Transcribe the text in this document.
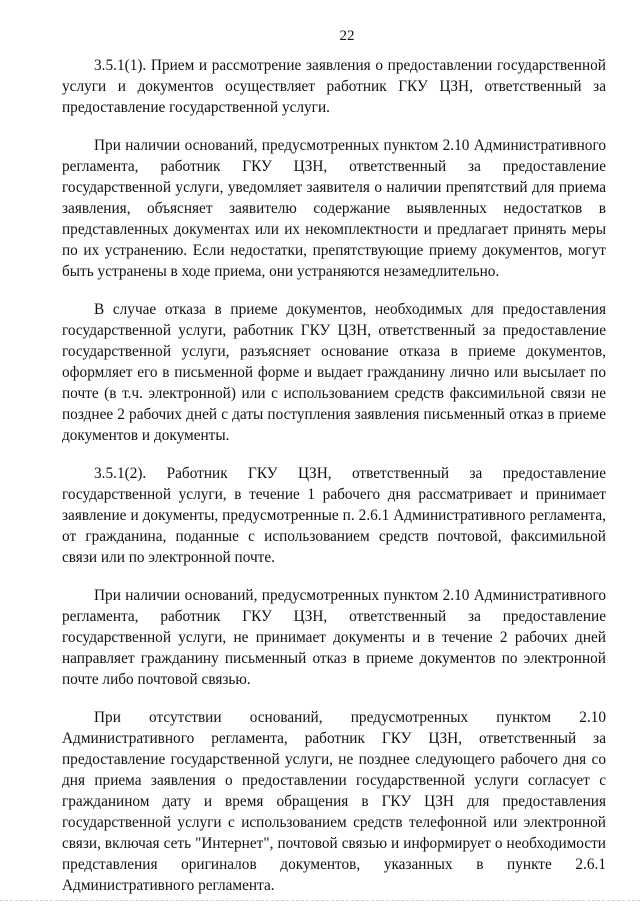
22

3.5.1(1). Прием и рассмотрение заявления о предоставлении государственной услуги и документов осуществляет работник ГКУ ЦЗН, ответственный за предоставление государственной услуги.

При наличии оснований, предусмотренных пунктом 2.10 Административного регламента, работник ГКУ ЦЗН, ответственный за предоставление государственной услуги, уведомляет заявителя о наличии препятствий для приема заявления, объясняет заявителю содержание выявленных недостатков в представленных документах или их некомплектности и предлагает принять меры по их устранению. Если недостатки, препятствующие приему документов, могут быть устранены в ходе приема, они устраняются незамедлительно.

В случае отказа в приеме документов, необходимых для предоставления государственной услуги, работник ГКУ ЦЗН, ответственный за предоставление государственной услуги, разъясняет основание отказа в приеме документов, оформляет его в письменной форме и выдает гражданину лично или высылает по почте (в т.ч. электронной) или с использованием средств факсимильной связи не позднее 2 рабочих дней с даты поступления заявления письменный отказ в приеме документов и документы.

3.5.1(2). Работник ГКУ ЦЗН, ответственный за предоставление государственной услуги, в течение 1 рабочего дня рассматривает и принимает заявление и документы, предусмотренные п. 2.6.1 Административного регламента, от гражданина, поданные с использованием средств почтовой, факсимильной связи или по электронной почте.

При наличии оснований, предусмотренных пунктом 2.10 Административного регламента, работник ГКУ ЦЗН, ответственный за предоставление государственной услуги, не принимает документы и в течение 2 рабочих дней направляет гражданину письменный отказ в приеме документов по электронной почте либо почтовой связью.

При отсутствии оснований, предусмотренных пунктом 2.10 Административного регламента, работник ГКУ ЦЗН, ответственный за предоставление государственной услуги, не позднее следующего рабочего дня со дня приема заявления о предоставлении государственной услуги согласует с гражданином дату и время обращения в ГКУ ЦЗН для предоставления государственной услуги с использованием средств телефонной или электронной связи, включая сеть "Интернет", почтовой связью и информирует о необходимости представления оригиналов документов, указанных в пункте 2.6.1 Административного регламента.
